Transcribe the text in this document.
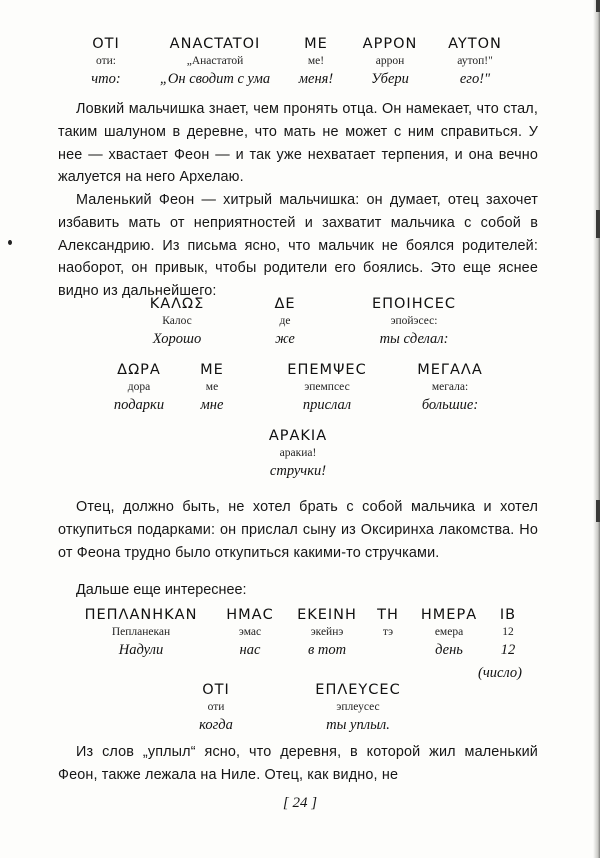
OTI
оти:
что:
ANACTATOI
„Анастатой
„Он сводит с ума
ME
ме!
меня!
APPON
аррон
Убери
AYTON
аутоп!"
его!"

Ловкий мальчишка знает, чем пронять отца. Он намекает, что стал, таким шалуном в деревне, что мать не может с ним справиться. У нее — хвастает Феон — и так уже нехватает терпения, и она вечно жалуется на него Архелаю.

Маленький Феон — хитрый мальчишка: он думает, отец захочет избавить мать от неприятностей и захватит мальчика с собой в Александрию. Из письма ясно, что мальчик не боялся родителей: наоборот, он привык, чтобы родители его боялись. Это еще яснее видно из дальнейшего:

ΚΑΛΩΣ
Калос
Хорошо
ΔΕ
де
же
ΕΠΟΙΗCΕC
эпойэсес:
ты сделал:
ΔΩΡΑ
дора
подарки
ΜΕ
ме
мне
ΕΠΕΜΨΕC
эпемпсес
прислал
ΜΕΓΑΛΑ
мегала:
большие:
ΑΡΑΚΙΑ
аракиа!
стручки!

Отец, должно быть, не хотел брать с собой мальчика и хотел откупиться подарками: он прислал сыну из Оксиринха лакомства. Но от Феона трудно было откупиться какими-то стручками.

Дальше еще интереснее:

ΠΕΠΛΑΝΗΚΑΝ
Пепланекан
Надули
ΗΜΑC
эмас
нас
ΕΚΕΙΝΗ
экейнэ
в тот
ΤΗ
тэ
ΗΜΕΡΑ
емера
день
ΙΒ
12
12
(число)
ΟΤΙ
оти
когда
ΕΠΛΕΥCΕC
эплеусес
ты уплыл.

Из слов „уплыл“ ясно, что деревня, в которой жил маленький Феон, также лежала на Ниле. Отец, как видно, не

[ 24 ]
